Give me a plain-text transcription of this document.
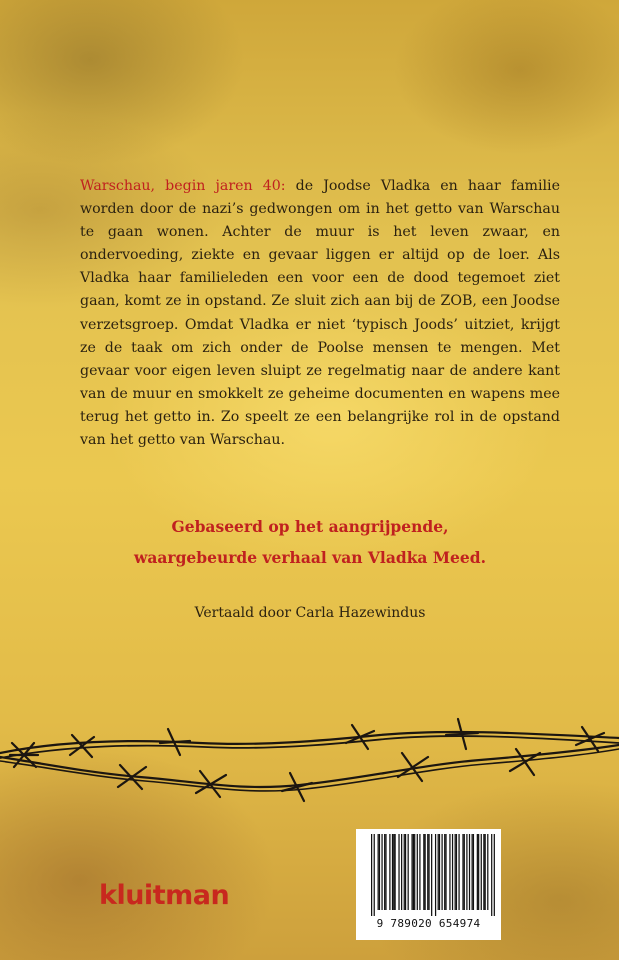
Warschau, begin jaren 40: de Joodse Vladka en haar familie worden door de nazi’s gedwongen om in het getto van Warschau te gaan wonen. Achter de muur is het leven zwaar, en ondervoeding, ziekte en gevaar liggen er altijd op de loer. Als Vladka haar familieleden een voor een de dood tegemoet ziet gaan, komt ze in opstand. Ze sluit zich aan bij de ZOB, een Joodse verzetsgroep. Omdat Vladka er niet ‘typisch Joods’ uitziet, krijgt ze de taak om zich onder de Poolse mensen te mengen. Met gevaar voor eigen leven sluipt ze regelmatig naar de andere kant van de muur en smokkelt ze geheime documenten en wapens mee terug het getto in. Zo speelt ze een belangrijke rol in de opstand van het getto van Warschau.

Gebaseerd op het aangrijpende,

waargebeurde verhaal van Vladka Meed.

Vertaald door Carla Hazewindus

kluitman
9 789020 654974
